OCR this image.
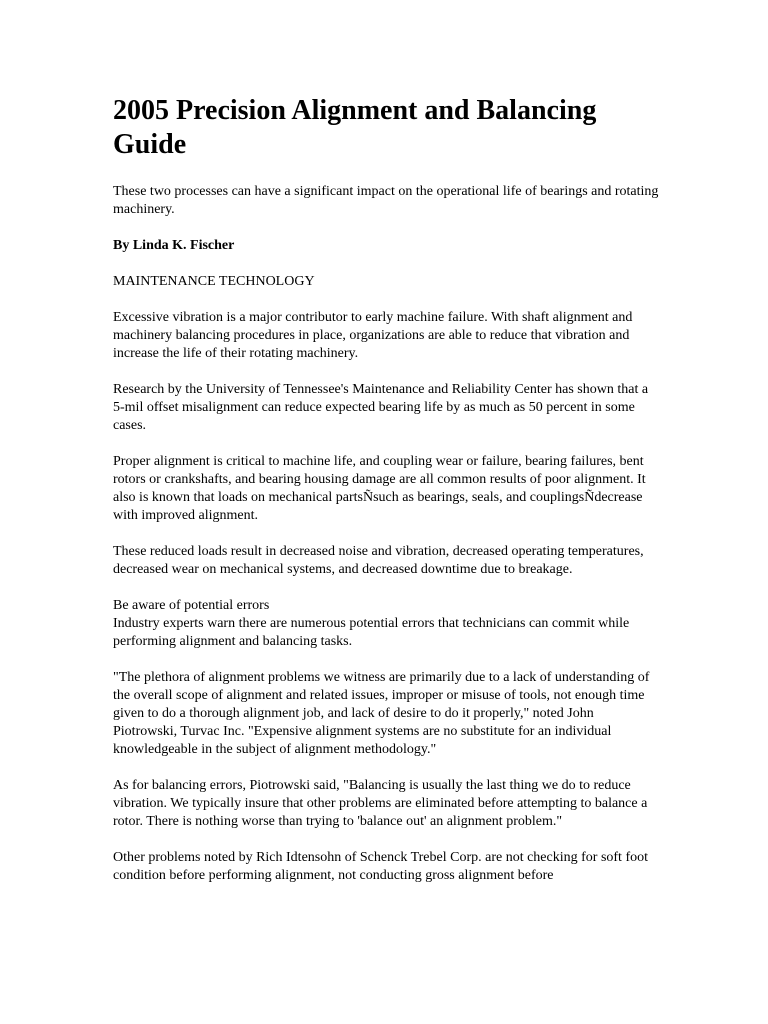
2005 Precision Alignment and Balancing Guide

These two processes can have a significant impact on the operational life of bearings and rotating machinery.

By Linda K. Fischer

MAINTENANCE TECHNOLOGY

Excessive vibration is a major contributor to early machine failure. With shaft alignment and machinery balancing procedures in place, organizations are able to reduce that vibration and increase the life of their rotating machinery.

Research by the University of Tennessee's Maintenance and Reliability Center has shown that a 5-mil offset misalignment can reduce expected bearing life by as much as 50 percent in some cases.

Proper alignment is critical to machine life, and coupling wear or failure, bearing failures, bent rotors or crankshafts, and bearing housing damage are all common results of poor alignment. It also is known that loads on mechanical partsÑsuch as bearings, seals, and couplingsÑdecrease with improved alignment.

These reduced loads result in decreased noise and vibration, decreased operating temperatures, decreased wear on mechanical systems, and decreased downtime due to breakage.

Be aware of potential errors
Industry experts warn there are numerous potential errors that technicians can commit while performing alignment and balancing tasks.

"The plethora of alignment problems we witness are primarily due to a lack of understanding of the overall scope of alignment and related issues, improper or misuse of tools, not enough time given to do a thorough alignment job, and lack of desire to do it properly," noted John Piotrowski, Turvac Inc. "Expensive alignment systems are no substitute for an individual knowledgeable in the subject of alignment methodology."

As for balancing errors, Piotrowski said, "Balancing is usually the last thing we do to reduce vibration. We typically insure that other problems are eliminated before attempting to balance a rotor. There is nothing worse than trying to 'balance out' an alignment problem."

Other problems noted by Rich Idtensohn of Schenck Trebel Corp. are not checking for soft foot condition before performing alignment, not conducting gross alignment before
